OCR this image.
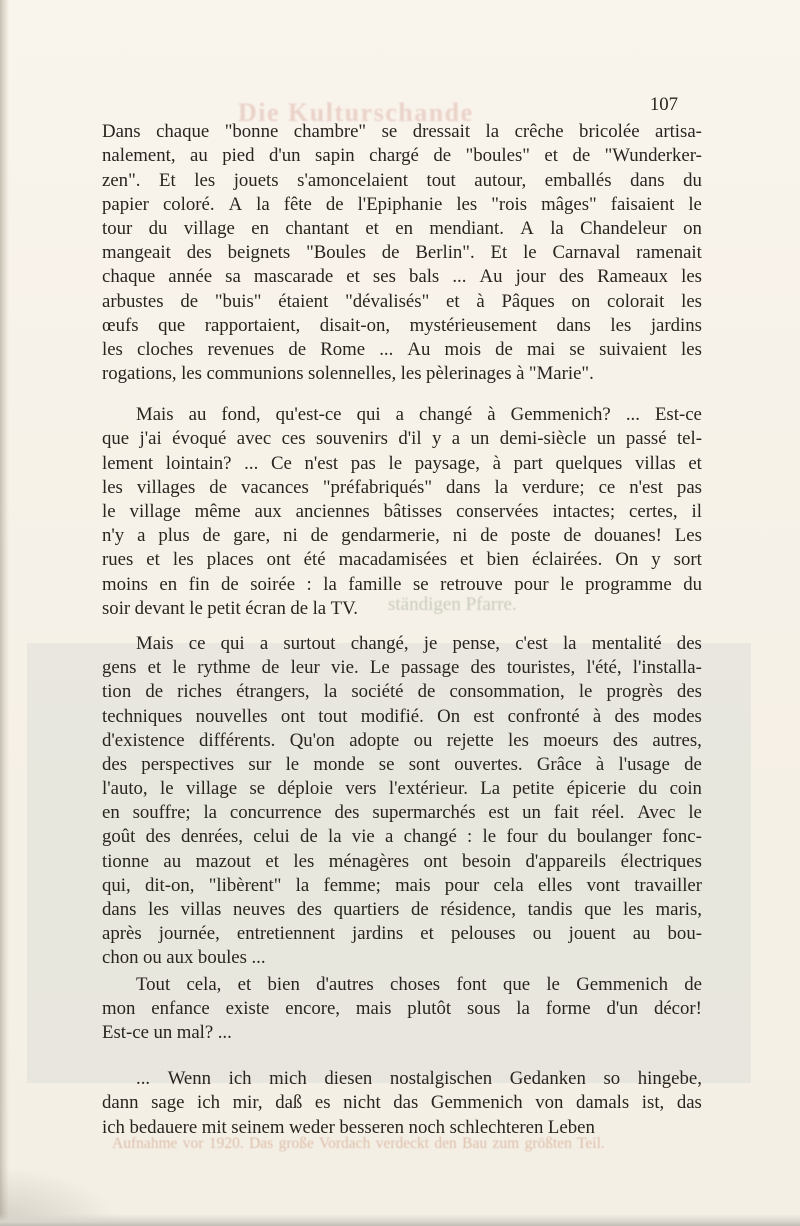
Die Kulturschande
ständigen Pfarre.
Aufnahme vor 1920. Das große Vordach verdeckt den Bau zum größten Teil.
107
Dans chaque "bonne chambre" se dressait la crêche bricolée artisa-
nalement, au pied d'un sapin chargé de "boules" et de "Wunderker-
zen". Et les jouets s'amoncelaient tout autour, emballés dans du
papier coloré. A la fête de l'Epiphanie les "rois mâges" faisaient le
tour du village en chantant et en mendiant. A la Chandeleur on
mangeait des beignets "Boules de Berlin". Et le Carnaval ramenait
chaque année sa mascarade et ses bals ... Au jour des Rameaux les
arbustes de "buis" étaient "dévalisés" et à Pâques on colorait les
œufs que rapportaient, disait-on, mystérieusement dans les jardins
les cloches revenues de Rome ... Au mois de mai se suivaient les
rogations, les communions solennelles, les pèlerinages à "Marie".
Mais au fond, qu'est-ce qui a changé à Gemmenich? ... Est-ce
que j'ai évoqué avec ces souvenirs d'il y a un demi-siècle un passé tel-
lement lointain? ... Ce n'est pas le paysage, à part quelques villas et
les villages de vacances "préfabriqués" dans la verdure; ce n'est pas
le village même aux anciennes bâtisses conservées intactes; certes, il
n'y a plus de gare, ni de gendarmerie, ni de poste de douanes! Les
rues et les places ont été macadamisées et bien éclairées. On y sort
moins en fin de soirée : la famille se retrouve pour le programme du
soir devant le petit écran de la TV.
Mais ce qui a surtout changé, je pense, c'est la mentalité des
gens et le rythme de leur vie. Le passage des touristes, l'été, l'installa-
tion de riches étrangers, la société de consommation, le progrès des
techniques nouvelles ont tout modifié. On est confronté à des modes
d'existence différents. Qu'on adopte ou rejette les moeurs des autres,
des perspectives sur le monde se sont ouvertes. Grâce à l'usage de
l'auto, le village se déploie vers l'extérieur. La petite épicerie du coin
en souffre; la concurrence des supermarchés est un fait réel. Avec le
goût des denrées, celui de la vie a changé : le four du boulanger fonc-
tionne au mazout et les ménagères ont besoin d'appareils électriques
qui, dit-on, "libèrent" la femme; mais pour cela elles vont travailler
dans les villas neuves des quartiers de résidence, tandis que les maris,
après journée, entretiennent jardins et pelouses ou jouent au bou-
chon ou aux boules ...
Tout cela, et bien d'autres choses font que le Gemmenich de
mon enfance existe encore, mais plutôt sous la forme d'un décor!
Est-ce un mal? ...
... Wenn ich mich diesen nostalgischen Gedanken so hingebe,
dann sage ich mir, daß es nicht das Gemmenich von damals ist, das
ich bedauere mit seinem weder besseren noch schlechteren Leben
